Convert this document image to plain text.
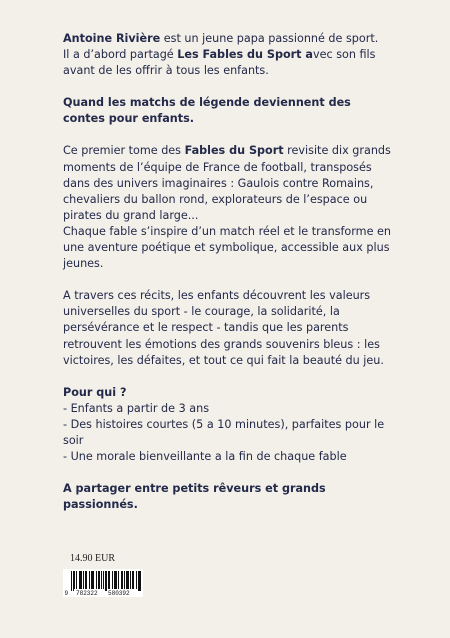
Antoine Rivière est un jeune papa passionné de sport.
Il a d’abord partagé Les Fables du Sport avec son fils avant de les offrir à tous les enfants.

Quand les matchs de légende deviennent des contes pour enfants.

Ce premier tome des Fables du Sport revisite dix grands moments de l’équipe de France de football, transposés dans des univers imaginaires : Gaulois contre Romains, chevaliers du ballon rond, explorateurs de l’espace ou pirates du grand large...
Chaque fable s’inspire d’un match réel et le transforme en une aventure poétique et symbolique, accessible aux plus jeunes.

A travers ces récits, les enfants découvrent les valeurs universelles du sport - le courage, la solidarité, la persévérance et le respect - tandis que les parents retrouvent les émotions des grands souvenirs bleus : les victoires, les défaites, et tout ce qui fait la beauté du jeu.

Pour qui ?
- Enfants a partir de 3 ans
- Des histoires courtes (5 a 10 minutes), parfaites pour le soir
- Une morale bienveillante a la fin de chaque fable

A partager entre petits rêveurs et grands passionnés.

14.90 EUR
9 782322 580392
